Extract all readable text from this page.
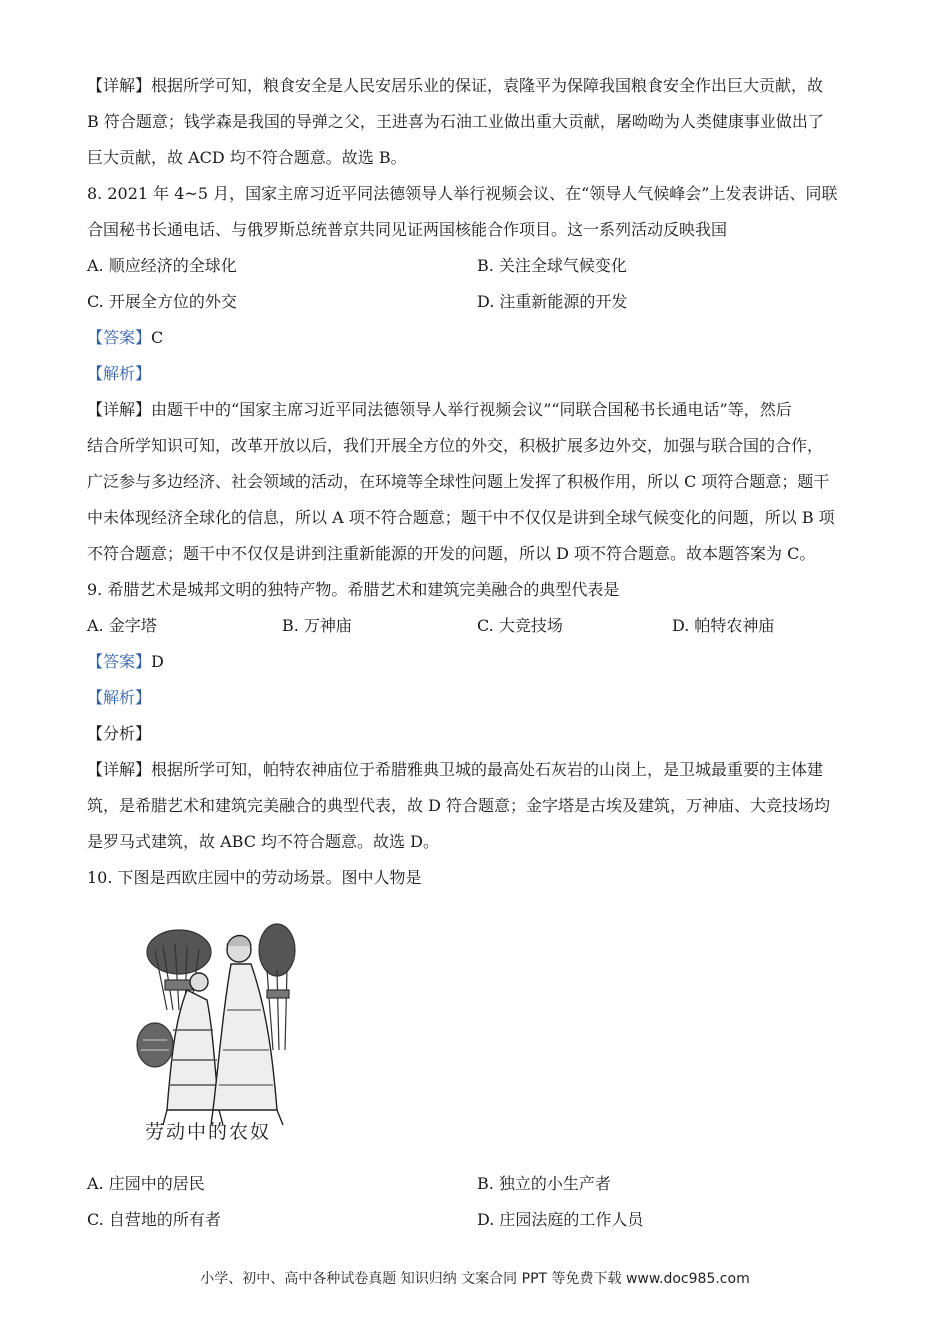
【详解】根据所学可知，粮食安全是人民安居乐业的保证，袁隆平为保障我国粮食安全作出巨大贡献，故
B 符合题意；钱学森是我国的导弹之父，王进喜为石油工业做出重大贡献，屠呦呦为人类健康事业做出了
巨大贡献，故 ACD 均不符合题意。故选 B。
8. 2021 年 4~5 月，国家主席习近平同法德领导人举行视频会议、在“领导人气候峰会”上发表讲话、同联
合国秘书长通电话、与俄罗斯总统普京共同见证两国核能合作项目。这一系列活动反映我国
A. 顺应经济的全球化	B. 关注全球气候变化
C. 开展全方位的外交	D. 注重新能源的开发
【答案】C
【解析】
【详解】由题干中的“国家主席习近平同法德领导人举行视频会议”“同联合国秘书长通电话”等，然后
结合所学知识可知，改革开放以后，我们开展全方位的外交，积极扩展多边外交，加强与联合国的合作，
广泛参与多边经济、社会领域的活动，在环境等全球性问题上发挥了积极作用，所以 C 项符合题意；题干
中未体现经济全球化的信息，所以 A 项不符合题意；题干中不仅仅是讲到全球气候变化的问题，所以 B 项
不符合题意；题干中不仅仅是讲到注重新能源的开发的问题，所以 D 项不符合题意。故本题答案为 C。
9. 希腊艺术是城邦文明的独特产物。希腊艺术和建筑完美融合的典型代表是
A. 金字塔	B. 万神庙	C. 大竞技场	D. 帕特农神庙
【答案】D
【解析】
【分析】
【详解】根据所学可知，帕特农神庙位于希腊雅典卫城的最高处石灰岩的山岗上，是卫城最重要的主体建
筑，是希腊艺术和建筑完美融合的典型代表，故 D 符合题意；金字塔是古埃及建筑，万神庙、大竞技场均
是罗马式建筑，故 ABC 均不符合题意。故选 D。
10. 下图是西欧庄园中的劳动场景。图中人物是
劳动中的农奴
A. 庄园中的居民	B. 独立的小生产者
C. 自营地的所有者	D. 庄园法庭的工作人员
小学、初中、高中各种试卷真题 知识归纳 文案合同 PPT 等免费下载 www.doc985.com
